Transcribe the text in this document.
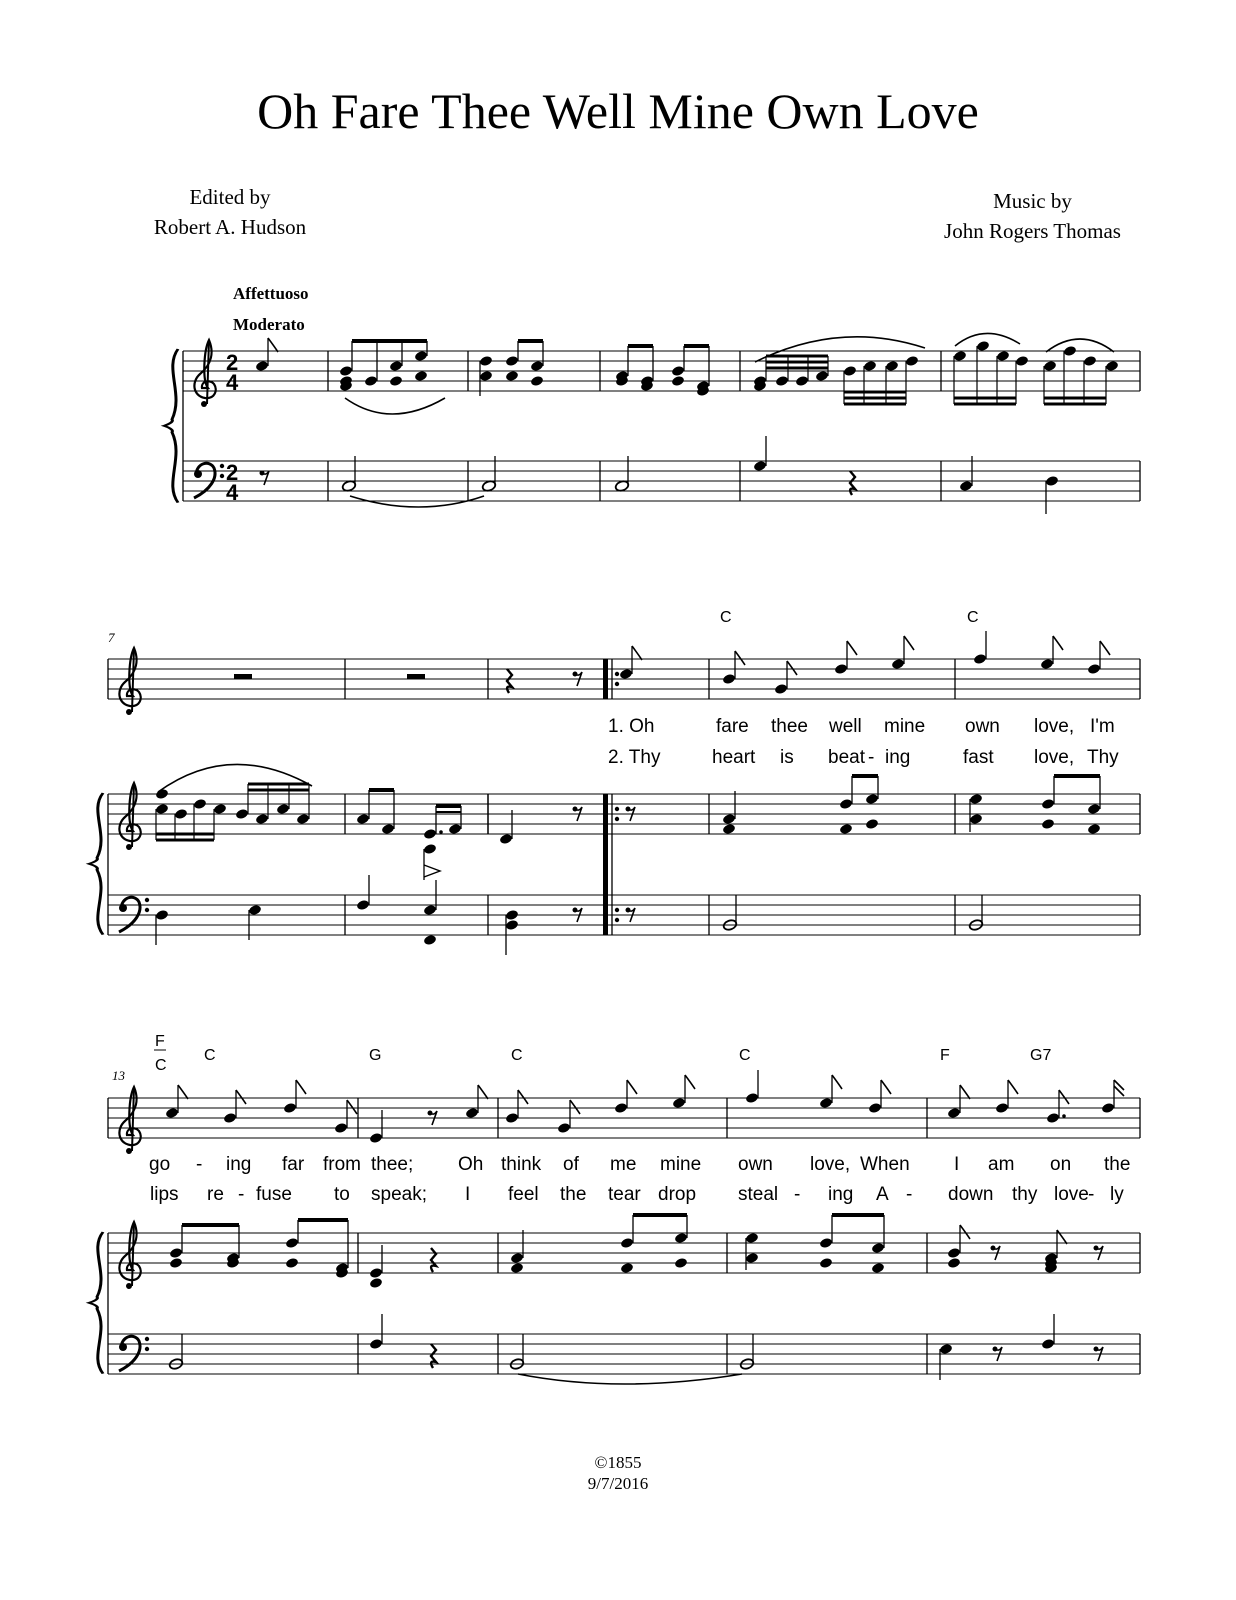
Oh Fare Thee Well Mine Own Love
Edited by
Robert A. Hudson
Music by
John Rogers Thomas
Affettuoso
Moderato
2
4
2
4
7
C	C
1. Oh	fare thee well mine own love, I'm
2. Thy	heart is beat - ing	fast love, Thy
13
F
C
C	G	C	C	F	G7
go - ing far from thee; Oh think of me mine own love, When I am on the
lips re - fuse to speak; I feel the tear drop steal - ing A - down thy love - ly
©1855
9/7/2016
